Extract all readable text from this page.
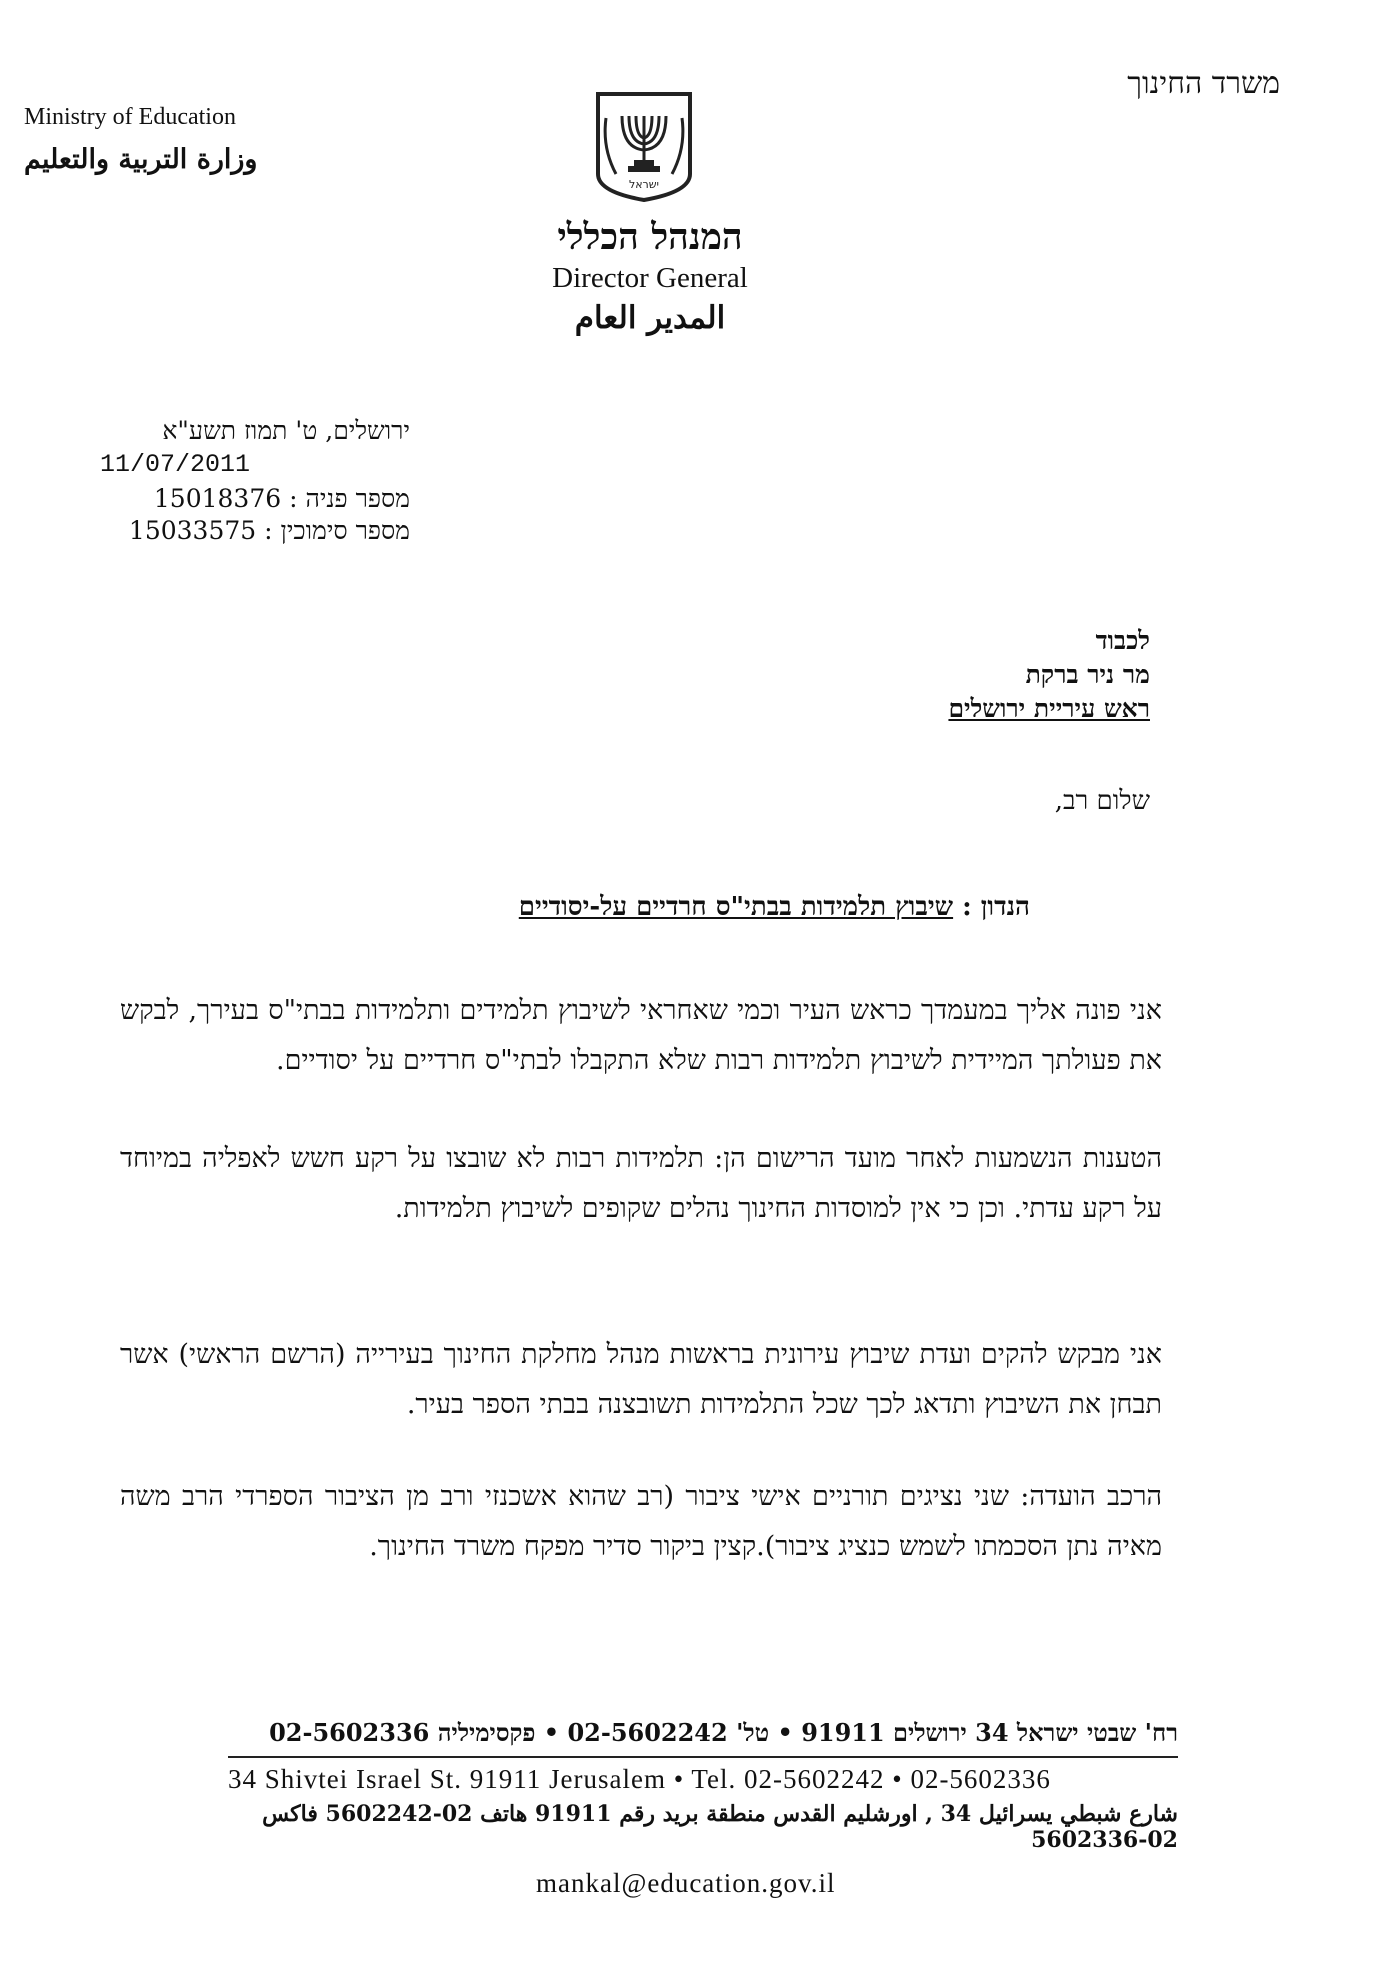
משרד החינוך
Ministry of Education
وزارة التربية والتعليم
ישראל
המנהל הכללי
Director General
المدير العام
ירושלים, ט' תמוז תשע"א
11/07/2011
מספר פניה : 15018376
מספר סימוכין : 15033575
לכבוד
מר ניר ברקת
ראש עיריית ירושלים
שלום רב,
הנדון : שיבוץ תלמידות בבתי"ס חרדיים על-יסודיים
אני פונה אליך במעמדך כראש העיר וכמי שאחראי לשיבוץ תלמידים ותלמידות בבתי"ס בעירך, לבקש את פעולתך המיידית לשיבוץ תלמידות רבות שלא התקבלו לבתי"ס חרדיים על יסודיים.
הטענות הנשמעות לאחר מועד הרישום הן: תלמידות רבות לא שובצו על רקע חשש לאפליה במיוחד על רקע עדתי. וכן כי אין למוסדות החינוך נהלים שקופים לשיבוץ תלמידות.
אני מבקש להקים ועדת שיבוץ עירונית בראשות מנהל מחלקת החינוך בעירייה (הרשם הראשי) אשר תבחן את השיבוץ ותדאג לכך שכל התלמידות תשובצנה בבתי הספר בעיר.
הרכב הועדה: שני נציגים תורניים אישי ציבור (רב שהוא אשכנזי ורב מן הציבור הספרדי הרב משה מאיה נתן הסכמתו לשמש כנציג ציבור).קצין ביקור סדיר מפקח משרד החינוך.
רח' שבטי ישראל 34 ירושלים 91911 • טל' 02-5602242 • פקסימיליה 02-5602336
34 Shivtei Israel St. 91911 Jerusalem • Tel. 02-5602242 • 02-5602336
شارع شبطي يسرائيل 34 , اورشليم القدس منطقة بريد رقم 91911 هاتف 02-5602242 فاكس 02-5602336
mankal@education.gov.il
